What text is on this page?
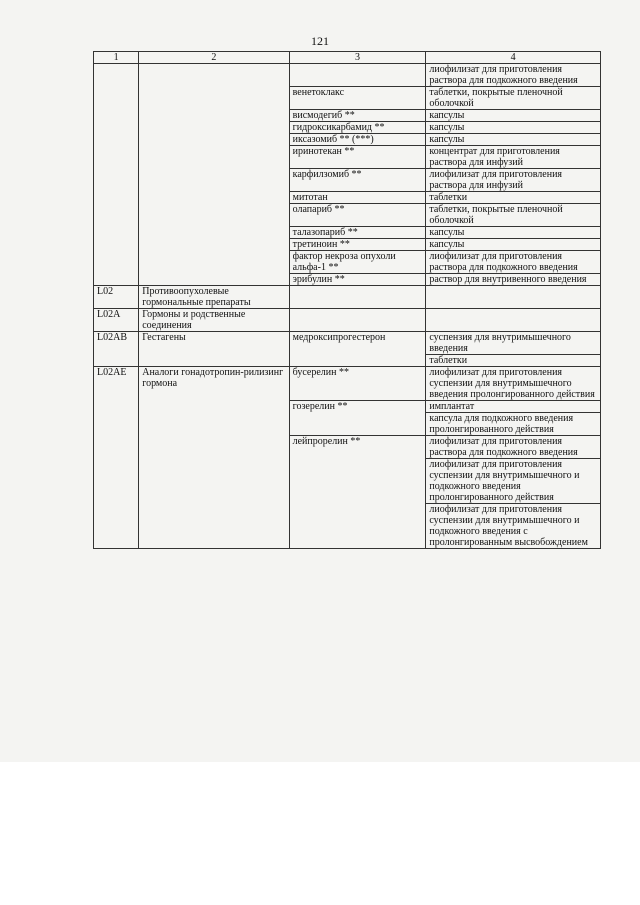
121
1	2	3	4
			лиофилизат для приготовления раствора для подкожного введения
		венетоклакс	таблетки, покрытые пленочной оболочкой
		висмодегиб **	капсулы
		гидроксикарбамид **	капсулы
		иксазомиб ** (***)	капсулы
		иринотекан **	концентрат для приготовления раствора для инфузий
		карфилзомиб **	лиофилизат для приготовления раствора для инфузий
		митотан	таблетки
		олапариб **	таблетки, покрытые пленочной оболочкой
		талазопариб **	капсулы
		третиноин **	капсулы
		фактор некроза опухоли альфа-1 **	лиофилизат для приготовления раствора для подкожного введения
		эрибулин **	раствор для внутривенного введения
L02	Противоопухолевые гормональные препараты		
L02A	Гормоны и родственные соединения		
L02AB	Гестагены	медроксипрогестерон	суспензия для внутримышечного введения
			таблетки
L02AE	Аналоги гонадотропин-рилизинг гормона	бусерелин **	лиофилизат для приготовления суспензии для внутримышечного введения пролонгированного действия
		гозерелин **	имплантат
			капсула для подкожного введения пролонгированного действия
		лейпрорелин **	лиофилизат для приготовления раствора для подкожного введения
			лиофилизат для приготовления суспензии для внутримышечного и подкожного введения пролонгированного действия
			лиофилизат для приготовления суспензии для внутримышечного и подкожного введения с пролонгированным высвобождением
